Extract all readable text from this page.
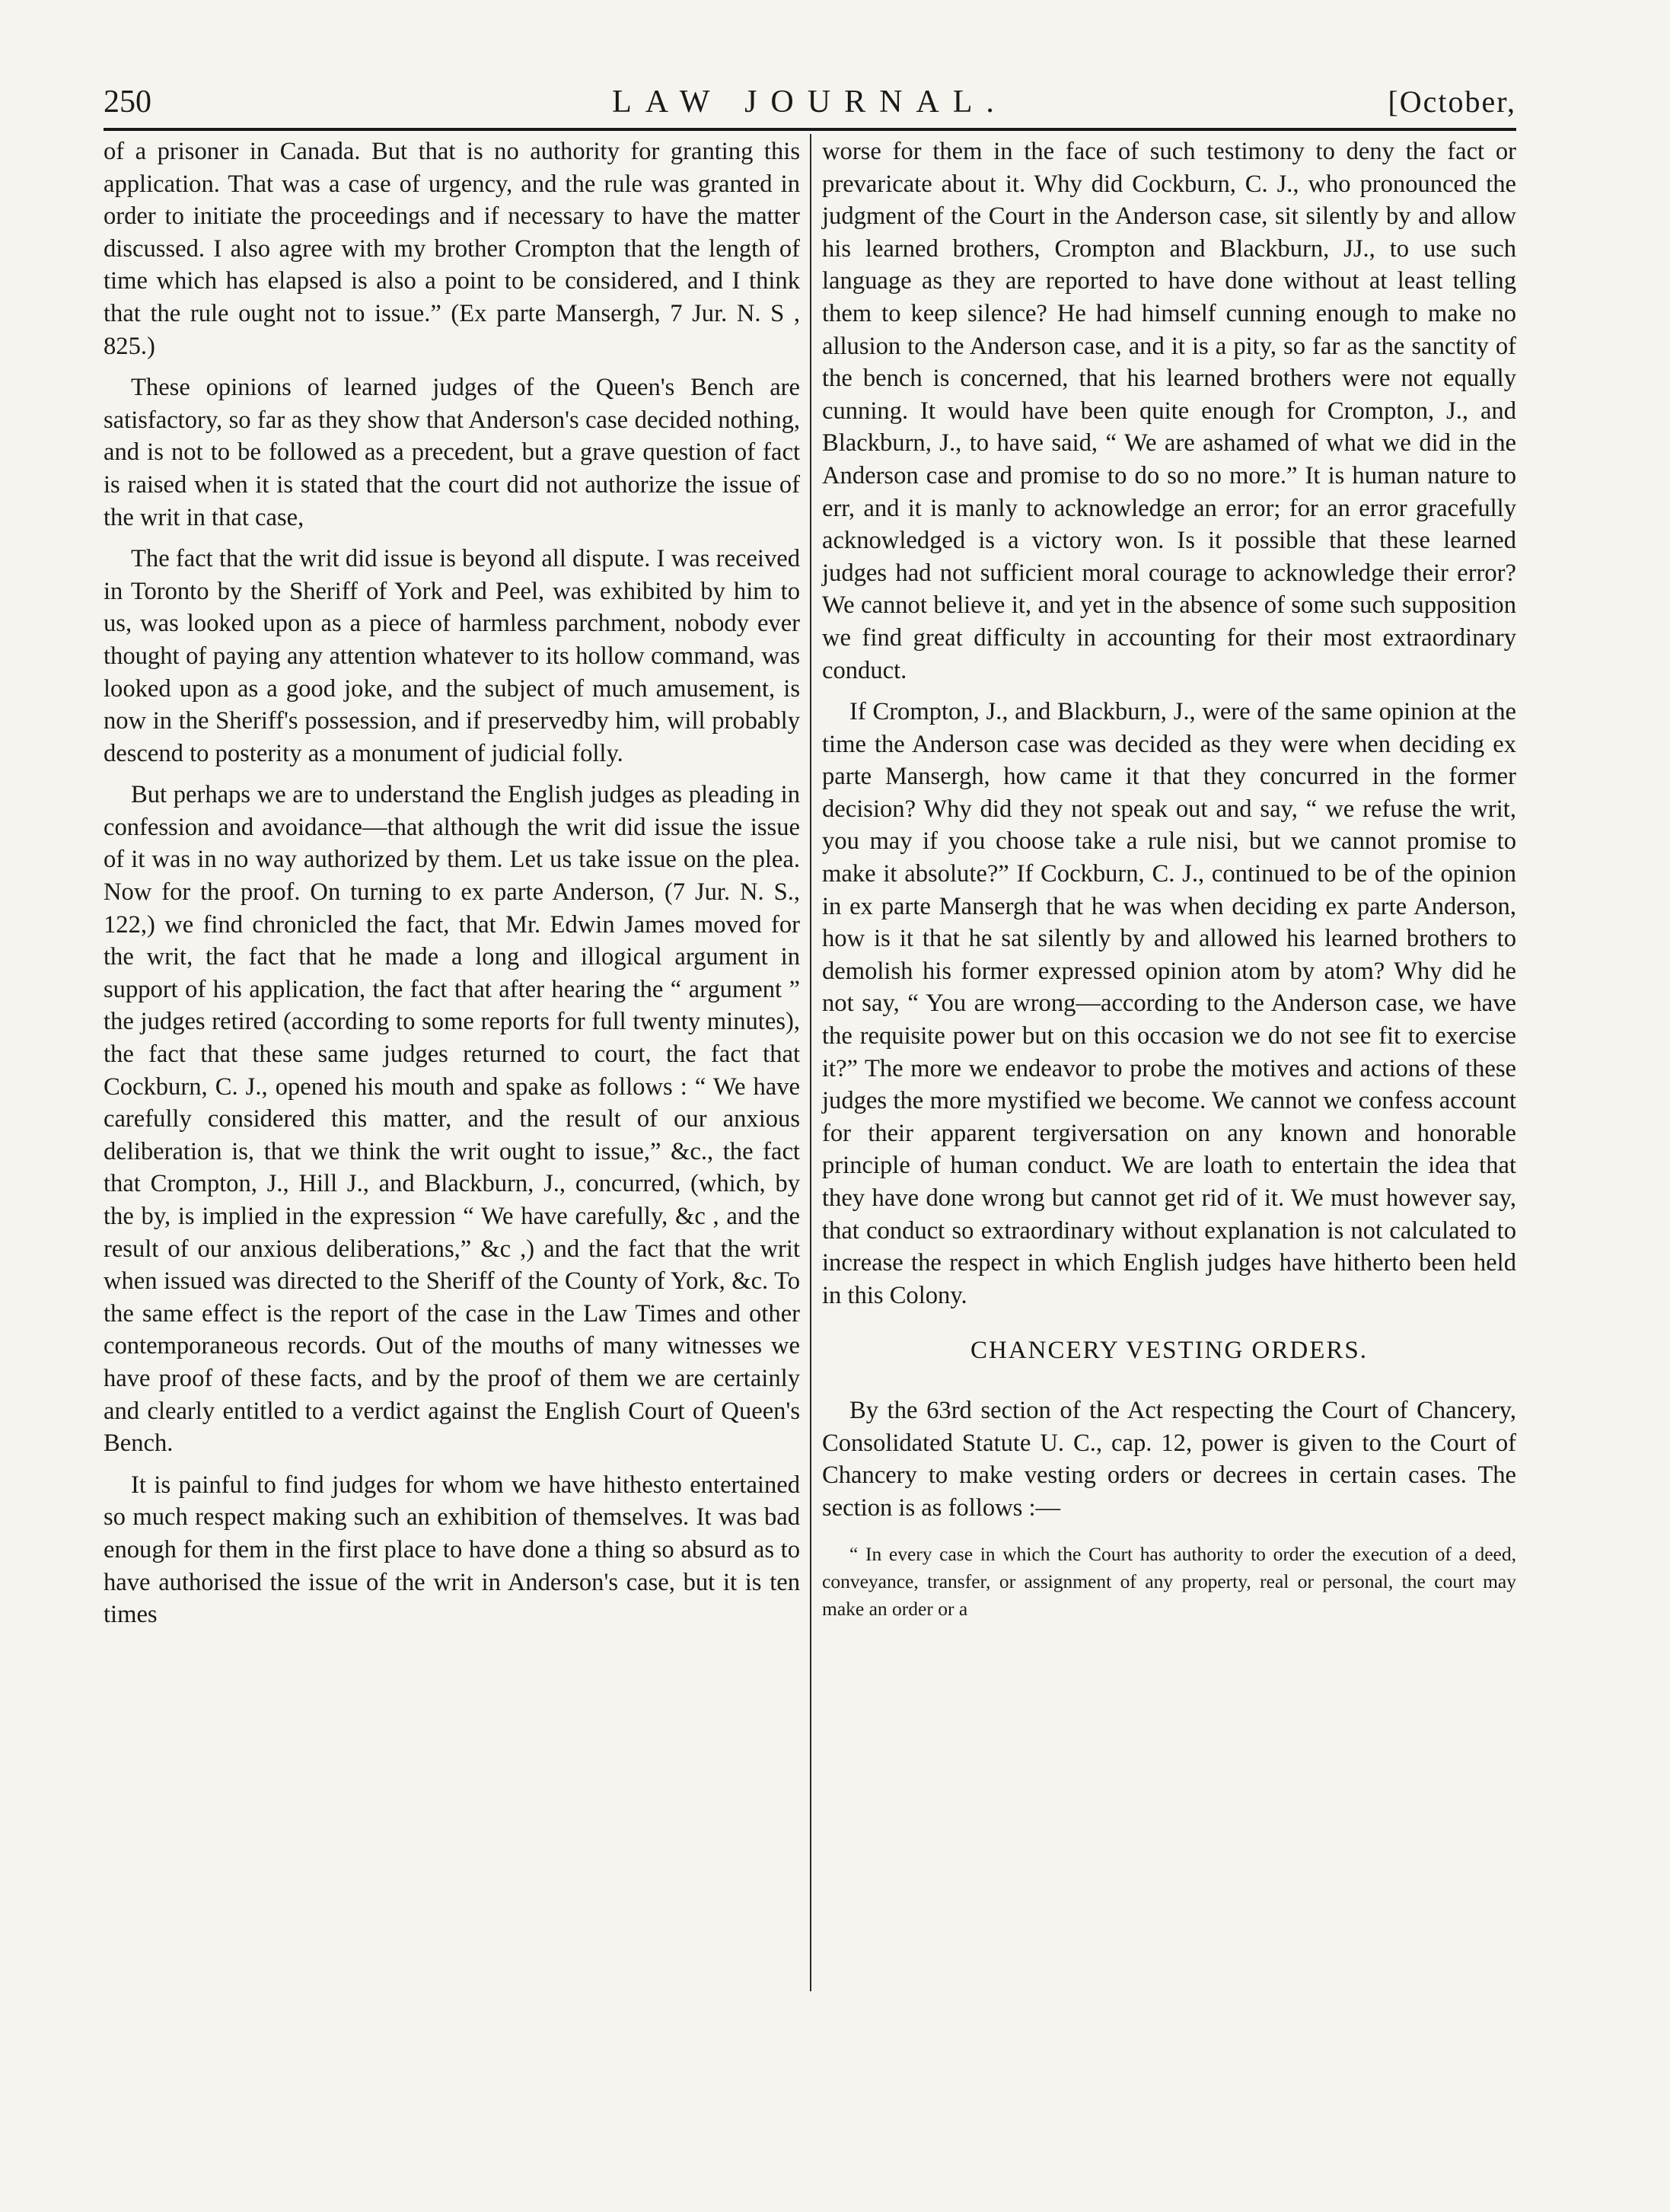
250	LAW JOURNAL.	[October,

of a prisoner in Canada. But that is no authority for granting this application. That was a case of urgency, and the rule was granted in order to initiate the proceedings and if necessary to have the matter discussed. I also agree with my brother Crompton that the length of time which has elapsed is also a point to be considered, and I think that the rule ought not to issue.” (Ex parte Mansergh, 7 Jur. N. S , 825.)

These opinions of learned judges of the Queen's Bench are satisfactory, so far as they show that Anderson's case decided nothing, and is not to be followed as a precedent, but a grave question of fact is raised when it is stated that the court did not authorize the issue of the writ in that case,

The fact that the writ did issue is beyond all dispute. I was received in Toronto by the Sheriff of York and Peel, was exhibited by him to us, was looked upon as a piece of harmless parchment, nobody ever thought of paying any attention whatever to its hollow command, was looked upon as a good joke, and the subject of much amusement, is now in the Sheriff's possession, and if preservedby him, will probably descend to posterity as a monument of judicial folly.

But perhaps we are to understand the English judges as pleading in confession and avoidance—that although the writ did issue the issue of it was in no way authorized by them. Let us take issue on the plea. Now for the proof. On turning to ex parte Anderson, (7 Jur. N. S., 122,) we find chronicled the fact, that Mr. Edwin James moved for the writ, the fact that he made a long and illogical argument in support of his application, the fact that after hearing the “ argument ” the judges retired (according to some reports for full twenty minutes), the fact that these same judges returned to court, the fact that Cockburn, C. J., opened his mouth and spake as follows : “ We have carefully considered this matter, and the result of our anxious deliberation is, that we think the writ ought to issue,” &c., the fact that Crompton, J., Hill J., and Blackburn, J., concurred, (which, by the by, is implied in the expression “ We have carefully, &c , and the result of our anxious deliberations,” &c ,) and the fact that the writ when issued was directed to the Sheriff of the County of York, &c. To the same effect is the report of the case in the Law Times and other contemporaneous records. Out of the mouths of many witnesses we have proof of these facts, and by the proof of them we are certainly and clearly entitled to a verdict against the English Court of Queen's Bench.

It is painful to find judges for whom we have hithesto entertained so much respect making such an exhibition of themselves. It was bad enough for them in the first place to have done a thing so absurd as to have authorised the issue of the writ in Anderson's case, but it is ten times

worse for them in the face of such testimony to deny the fact or prevaricate about it. Why did Cockburn, C. J., who pronounced the judgment of the Court in the Anderson case, sit silently by and allow his learned brothers, Crompton and Blackburn, JJ., to use such language as they are reported to have done without at least telling them to keep silence? He had himself cunning enough to make no allusion to the Anderson case, and it is a pity, so far as the sanctity of the bench is concerned, that his learned brothers were not equally cunning. It would have been quite enough for Crompton, J., and Blackburn, J., to have said, “ We are ashamed of what we did in the Anderson case and promise to do so no more.” It is human nature to err, and it is manly to acknowledge an error; for an error gracefully acknowledged is a victory won. Is it possible that these learned judges had not sufficient moral courage to acknowledge their error? We cannot believe it, and yet in the absence of some such supposition we find great difficulty in accounting for their most extraordinary conduct.

If Crompton, J., and Blackburn, J., were of the same opinion at the time the Anderson case was decided as they were when deciding ex parte Mansergh, how came it that they concurred in the former decision? Why did they not speak out and say, “ we refuse the writ, you may if you choose take a rule nisi, but we cannot promise to make it absolute?” If Cockburn, C. J., continued to be of the opinion in ex parte Mansergh that he was when deciding ex parte Anderson, how is it that he sat silently by and allowed his learned brothers to demolish his former expressed opinion atom by atom? Why did he not say, “ You are wrong—according to the Anderson case, we have the requisite power but on this occasion we do not see fit to exercise it?” The more we endeavor to probe the motives and actions of these judges the more mystified we become. We cannot we confess account for their apparent tergiversation on any known and honorable principle of human conduct. We are loath to entertain the idea that they have done wrong but cannot get rid of it. We must however say, that conduct so extraordinary without explanation is not calculated to increase the respect in which English judges have hitherto been held in this Colony.

CHANCERY VESTING ORDERS.

By the 63rd section of the Act respecting the Court of Chancery, Consolidated Statute U. C., cap. 12, power is given to the Court of Chancery to make vesting orders or decrees in certain cases. The section is as follows :—

“ In every case in which the Court has authority to order the execution of a deed, conveyance, transfer, or assignment of any property, real or personal, the court may make an order or a
